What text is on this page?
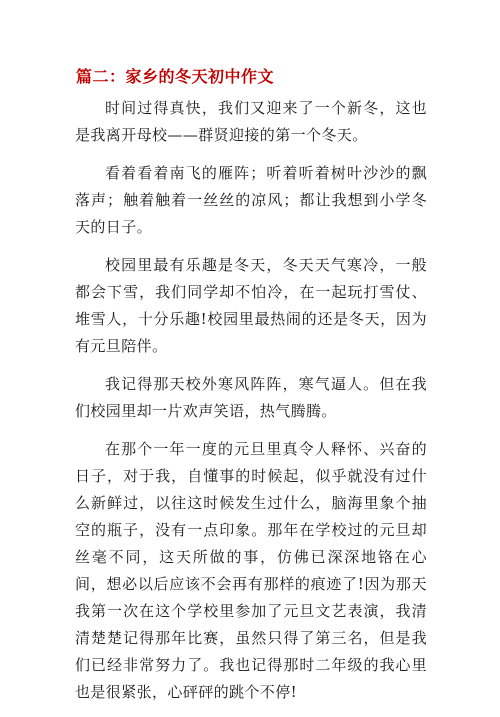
篇二：家乡的冬天初中作文

时间过得真快，我们又迎来了一个新冬，这也是我离开母校——群贤迎接的第一个冬天。

看着看着南飞的雁阵；听着听着树叶沙沙的飘落声；触着触着一丝丝的凉风；都让我想到小学冬天的日子。

校园里最有乐趣是冬天，冬天天气寒冷，一般都会下雪，我们同学却不怕冷，在一起玩打雪仗、堆雪人，十分乐趣!校园里最热闹的还是冬天，因为有元旦陪伴。

我记得那天校外寒风阵阵，寒气逼人。但在我们校园里却一片欢声笑语，热气腾腾。

在那个一年一度的元旦里真令人释怀、兴奋的日子，对于我，自懂事的时候起，似乎就没有过什么新鲜过，以往这时候发生过什么，脑海里象个抽空的瓶子，没有一点印象。那年在学校过的元旦却丝毫不同，这天所做的事，仿佛已深深地铬在心间，想必以后应该不会再有那样的痕迹了!因为那天我第一次在这个学校里参加了元旦文艺表演，我清清楚楚记得那年比赛，虽然只得了第三名，但是我们已经非常努力了。我也记得那时二年级的我心里也是很紧张，心砰砰的跳个不停!
